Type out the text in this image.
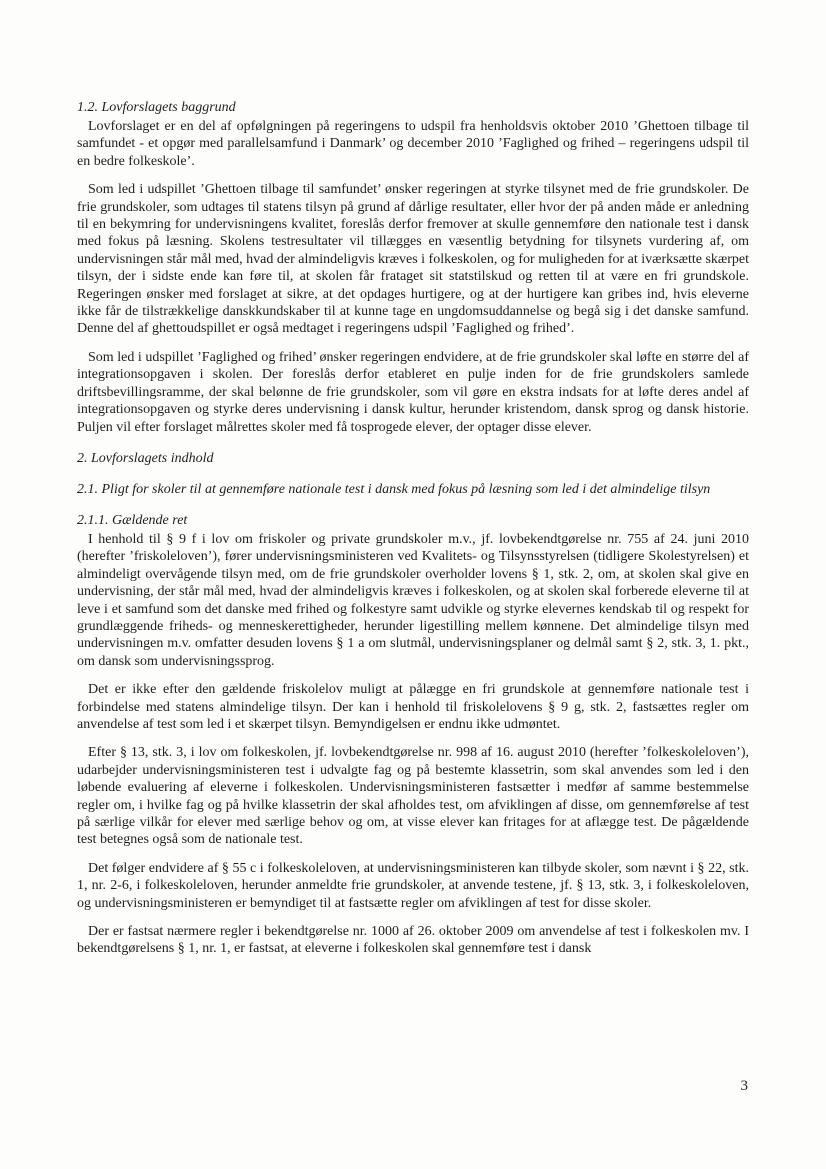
1.2. Lovforslagets baggrund

Lovforslaget er en del af opfølgningen på regeringens to udspil fra henholdsvis oktober 2010 ’Ghettoen tilbage til samfundet - et opgør med parallelsamfund i Danmark’ og december 2010 ’Faglighed og frihed – regeringens udspil til en bedre folkeskole’.

Som led i udspillet ’Ghettoen tilbage til samfundet’ ønsker regeringen at styrke tilsynet med de frie grundskoler. De frie grundskoler, som udtages til statens tilsyn på grund af dårlige resultater, eller hvor der på anden måde er anledning til en bekymring for undervisningens kvalitet, foreslås derfor fremover at skulle gennemføre den nationale test i dansk med fokus på læsning. Skolens testresultater vil tillægges en væsentlig betydning for tilsynets vurdering af, om undervisningen står mål med, hvad der almindeligvis kræves i folkeskolen, og for muligheden for at iværksætte skærpet tilsyn, der i sidste ende kan føre til, at skolen får frataget sit statstilskud og retten til at være en fri grundskole. Regeringen ønsker med forslaget at sikre, at det opdages hurtigere, og at der hurtigere kan gribes ind, hvis eleverne ikke får de tilstrækkelige danskkundskaber til at kunne tage en ungdomsuddannelse og begå sig i det danske samfund. Denne del af ghettoudspillet er også medtaget i regeringens udspil ’Faglighed og frihed’.

Som led i udspillet ’Faglighed og frihed’ ønsker regeringen endvidere, at de frie grundskoler skal løfte en større del af integrationsopgaven i skolen. Der foreslås derfor etableret en pulje inden for de frie grundskolers samlede driftsbevillingsramme, der skal belønne de frie grundskoler, som vil gøre en ekstra indsats for at løfte deres andel af integrationsopgaven og styrke deres undervisning i dansk kultur, herunder kristendom, dansk sprog og dansk historie. Puljen vil efter forslaget målrettes skoler med få tosprogede elever, der optager disse elever.

2. Lovforslagets indhold
2.1. Pligt for skoler til at gennemføre nationale test i dansk med fokus på læsning som led i det almindelige tilsyn
2.1.1. Gældende ret

I henhold til § 9 f i lov om friskoler og private grundskoler m.v., jf. lovbekendtgørelse nr. 755 af 24. juni 2010 (herefter ’friskoleloven’), fører undervisningsministeren ved Kvalitets- og Tilsynsstyrelsen (tidligere Skolestyrelsen) et almindeligt overvågende tilsyn med, om de frie grundskoler overholder lovens § 1, stk. 2, om, at skolen skal give en undervisning, der står mål med, hvad der almindeligvis kræves i folkeskolen, og at skolen skal forberede eleverne til at leve i et samfund som det danske med frihed og folkestyre samt udvikle og styrke elevernes kendskab til og respekt for grundlæggende friheds- og menneskerettigheder, herunder ligestilling mellem kønnene. Det almindelige tilsyn med undervisningen m.v. omfatter desuden lovens § 1 a om slutmål, undervisningsplaner og delmål samt § 2, stk. 3, 1. pkt., om dansk som undervisningssprog.

Det er ikke efter den gældende friskolelov muligt at pålægge en fri grundskole at gennemføre nationale test i forbindelse med statens almindelige tilsyn. Der kan i henhold til friskolelovens § 9 g, stk. 2, fastsættes regler om anvendelse af test som led i et skærpet tilsyn. Bemyndigelsen er endnu ikke udmøntet.

Efter § 13, stk. 3, i lov om folkeskolen, jf. lovbekendtgørelse nr. 998 af 16. august 2010 (herefter ’folkeskoleloven’), udarbejder undervisningsministeren test i udvalgte fag og på bestemte klassetrin, som skal anvendes som led i den løbende evaluering af eleverne i folkeskolen. Undervisningsministeren fastsætter i medfør af samme bestemmelse regler om, i hvilke fag og på hvilke klassetrin der skal afholdes test, om afviklingen af disse, om gennemførelse af test på særlige vilkår for elever med særlige behov og om, at visse elever kan fritages for at aflægge test. De pågældende test betegnes også som de nationale test.

Det følger endvidere af § 55 c i folkeskoleloven, at undervisningsministeren kan tilbyde skoler, som nævnt i § 22, stk. 1, nr. 2-6, i folkeskoleloven, herunder anmeldte frie grundskoler, at anvende testene, jf. § 13, stk. 3, i folkeskoleloven, og undervisningsministeren er bemyndiget til at fastsætte regler om afviklingen af test for disse skoler.

Der er fastsat nærmere regler i bekendtgørelse nr. 1000 af 26. oktober 2009 om anvendelse af test i folkeskolen mv. I bekendtgørelsens § 1, nr. 1, er fastsat, at eleverne i folkeskolen skal gennemføre test i dansk

3
